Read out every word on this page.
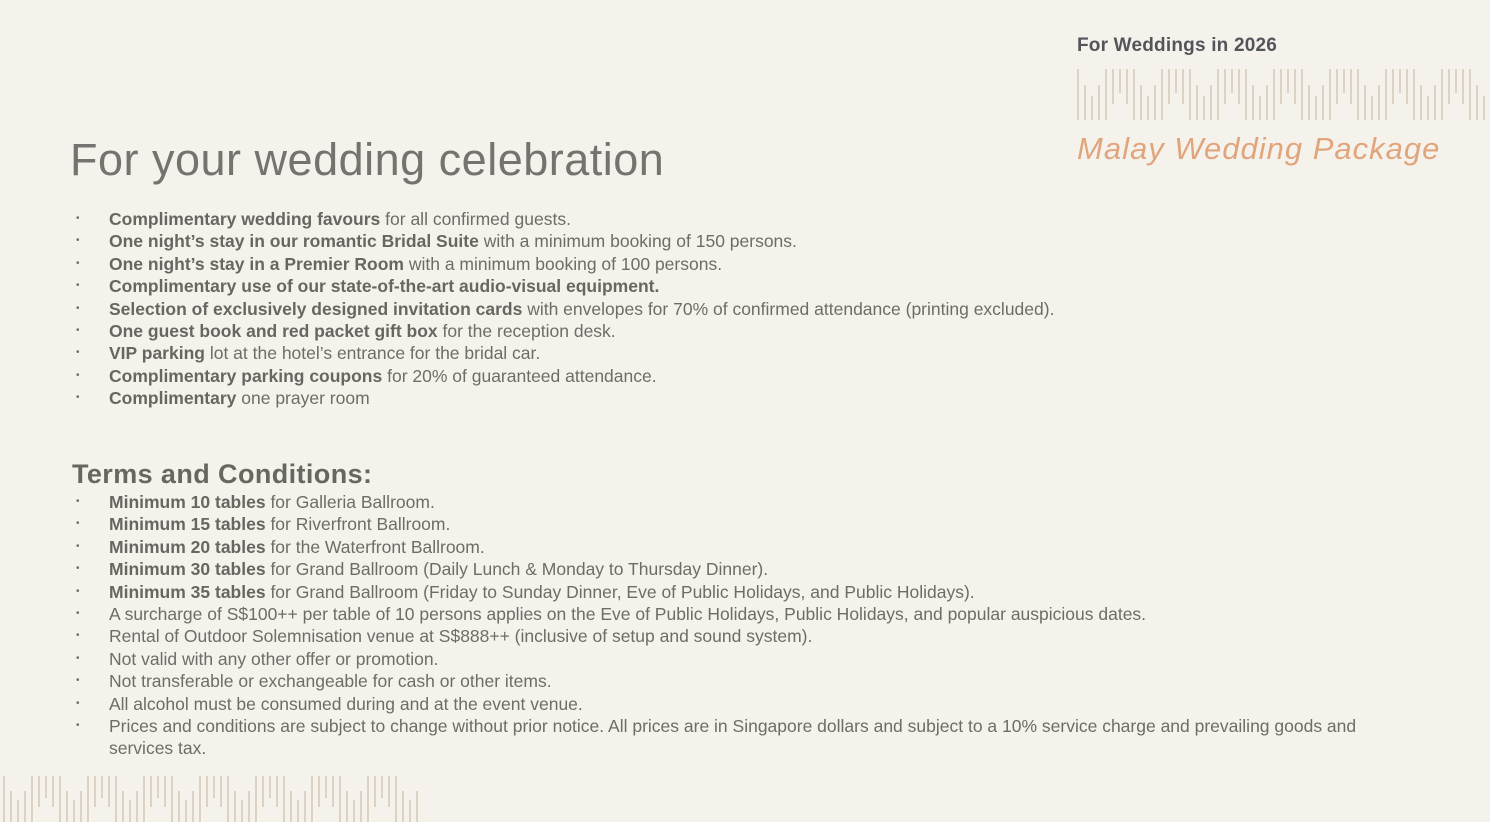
For your wedding celebration
For Weddings in 2026
Malay Wedding Package
•	Complimentary wedding favours for all confirmed guests.
•	One night’s stay in our romantic Bridal Suite with a minimum booking of 150 persons.
•	One night’s stay in a Premier Room with a minimum booking of 100 persons.
•	Complimentary use of our state-of-the-art audio-visual equipment.
•	Selection of exclusively designed invitation cards with envelopes for 70% of confirmed attendance (printing excluded).
•	One guest book and red packet gift box for the reception desk.
•	VIP parking lot at the hotel’s entrance for the bridal car.
•	Complimentary parking coupons for 20% of guaranteed attendance.
•	Complimentary one prayer room
Terms and Conditions:
•	Minimum 10 tables for Galleria Ballroom.
•	Minimum 15 tables for Riverfront Ballroom.
•	Minimum 20 tables for the Waterfront Ballroom.
•	Minimum 30 tables for Grand Ballroom (Daily Lunch & Monday to Thursday Dinner).
•	Minimum 35 tables for Grand Ballroom (Friday to Sunday Dinner, Eve of Public Holidays, and Public Holidays).
•	A surcharge of S$100++ per table of 10 persons applies on the Eve of Public Holidays, Public Holidays, and popular auspicious dates.
•	Rental of Outdoor Solemnisation venue at S$888++ (inclusive of setup and sound system).
•	Not valid with any other offer or promotion.
•	Not transferable or exchangeable for cash or other items.
•	All alcohol must be consumed during and at the event venue.
•	Prices and conditions are subject to change without prior notice. All prices are in Singapore dollars and subject to a 10% service charge and prevailing goods and services tax.
